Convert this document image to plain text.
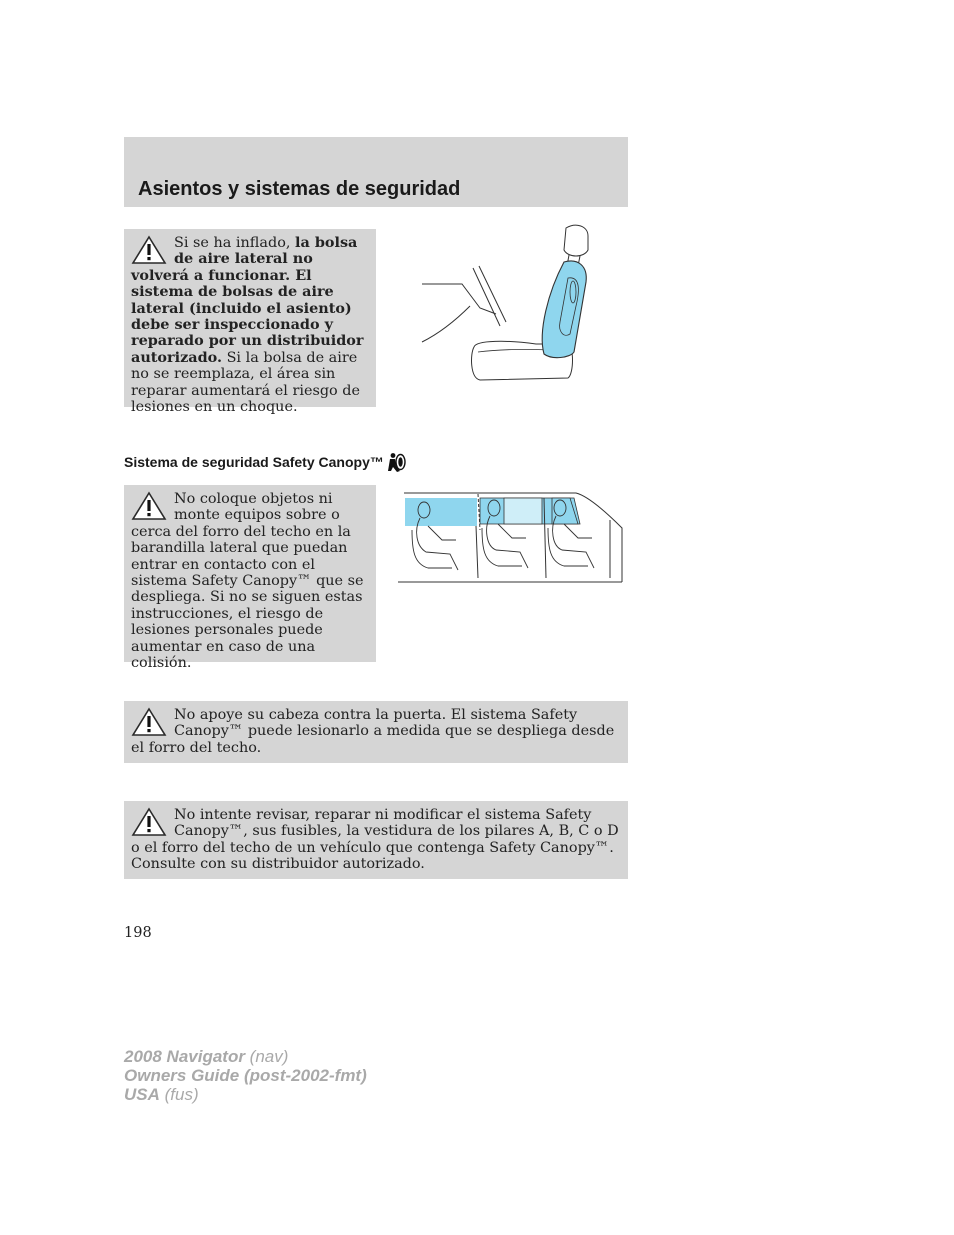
Asientos y sistemas de seguridad

Si se ha inflado, la bolsa de aire lateral no volverá a funcionar. El sistema de bolsas de aire lateral (incluido el asiento) debe ser inspeccionado y reparado por un distribuidor autorizado. Si la bolsa de aire no se reemplaza, el área sin reparar aumentará el riesgo de lesiones en un choque.

Sistema de seguridad Safety Canopy™

No coloque objetos ni monte equipos sobre o cerca del forro del techo en la barandilla lateral que puedan entrar en contacto con el sistema Safety Canopy™ que se despliega. Si no se siguen estas instrucciones, el riesgo de lesiones personales puede aumentar en caso de una colisión.

No apoye su cabeza contra la puerta. El sistema Safety Canopy™ puede lesionarlo a medida que se despliega desde el forro del techo.

No intente revisar, reparar ni modificar el sistema Safety Canopy™, sus fusibles, la vestidura de los pilares A, B, C o D o el forro del techo de un vehículo que contenga Safety Canopy™. Consulte con su distribuidor autorizado.

198
2008 Navigator (nav)
Owners Guide (post-2002-fmt)
USA (fus)
